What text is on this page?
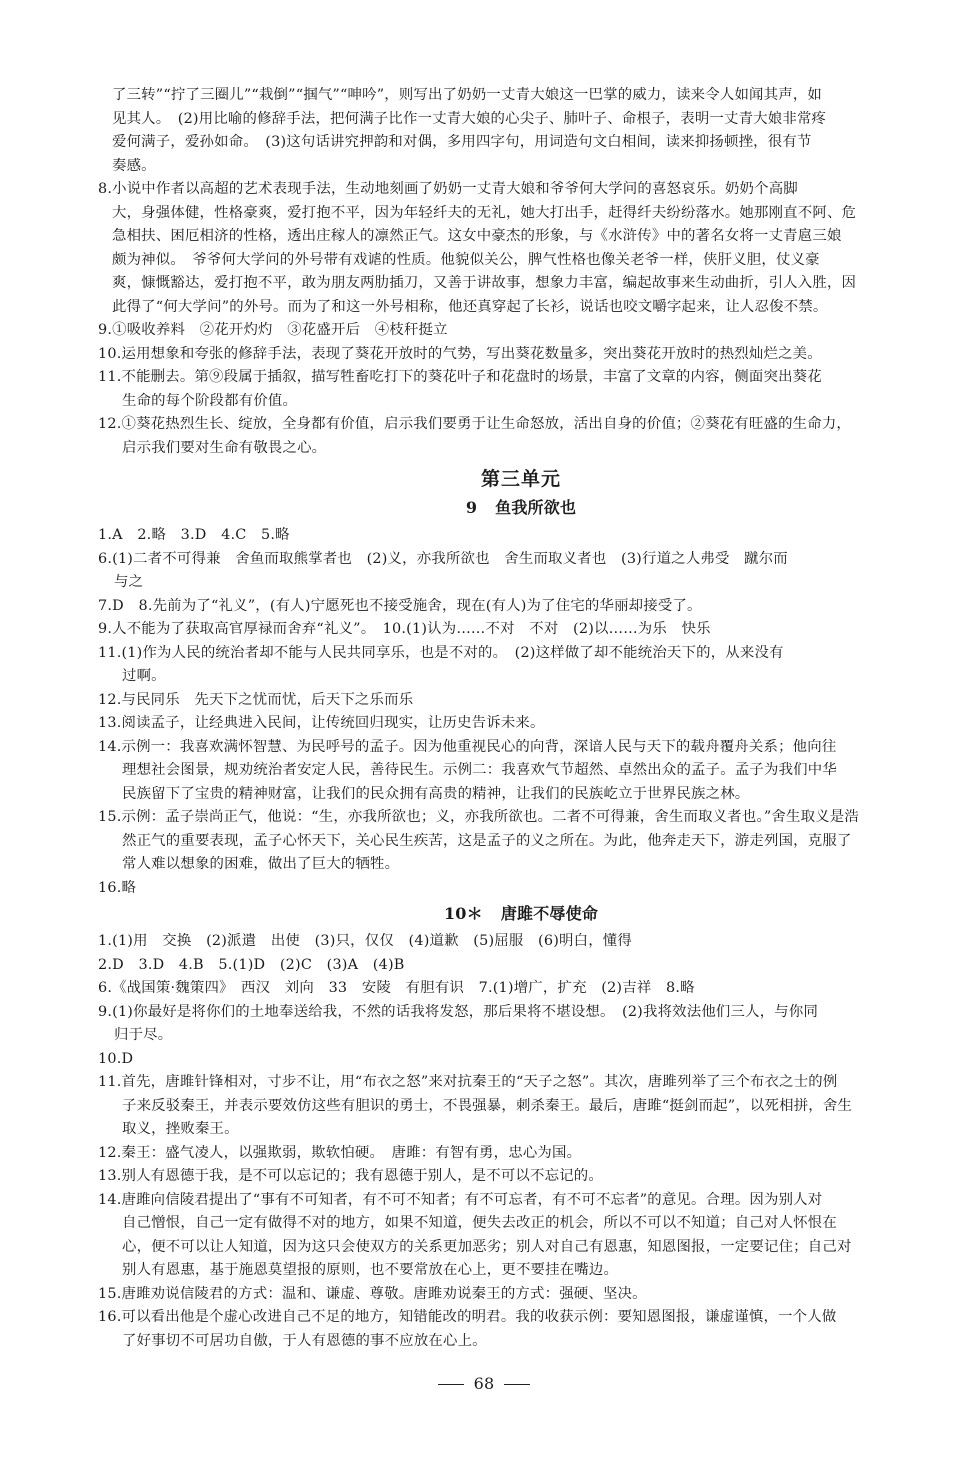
了三转”“拧了三圈儿”“栽倒”“掴气”“呻吟”，则写出了奶奶一丈青大娘这一巴掌的威力，读来令人如闻其声，如

见其人。　(2)用比喻的修辞手法，把何满子比作一丈青大娘的心尖子、肺叶子、命根子，表明一丈青大娘非常疼

爱何满子，爱孙如命。　(3)这句话讲究押韵和对偶，多用四字句，用词造句文白相间，读来抑扬顿挫，很有节

奏感。

8.小说中作者以高超的艺术表现手法，生动地刻画了奶奶一丈青大娘和爷爷何大学问的喜怒哀乐。奶奶个高脚

大，身强体健，性格豪爽，爱打抱不平，因为年轻纤夫的无礼，她大打出手，赶得纤夫纷纷落水。她那刚直不阿、危

急相扶、困厄相济的性格，透出庄稼人的凛然正气。这女中豪杰的形象，与《水浒传》中的著名女将一丈青扈三娘

颇为神似。　爷爷何大学问的外号带有戏谑的性质。他貌似关公，脾气性格也像关老爷一样，侠肝义胆，仗义豪

爽，慷慨豁达，爱打抱不平，敢为朋友两肋插刀，又善于讲故事，想象力丰富，编起故事来生动曲折，引人入胜，因

此得了“何大学问”的外号。而为了和这一外号相称，他还真穿起了长衫，说话也咬文嚼字起来，让人忍俊不禁。

9.①吸收养料　②花开灼灼　③花盛开后　④枝秆挺立

10.运用想象和夸张的修辞手法，表现了葵花开放时的气势，写出葵花数量多，突出葵花开放时的热烈灿烂之美。

11.不能删去。第⑨段属于插叙，描写牲畜吃打下的葵花叶子和花盘时的场景，丰富了文章的内容，侧面突出葵花

生命的每个阶段都有价值。

12.①葵花热烈生长、绽放，全身都有价值，启示我们要勇于让生命怒放，活出自身的价值；②葵花有旺盛的生命力，

启示我们要对生命有敬畏之心。

第三单元
9 鱼我所欲也

1.A　2.略　3.D　4.C　5.略

6.(1)二者不可得兼　舍鱼而取熊掌者也　(2)义，亦我所欲也　舍生而取义者也　(3)行道之人弗受　蹴尔而

与之

7.D　8.先前为了“礼义”，(有人)宁愿死也不接受施舍，现在(有人)为了住宅的华丽却接受了。

9.人不能为了获取高官厚禄而舍弃“礼义”。　10.(1)认为……不对　不对　(2)以……为乐　快乐

11.(1)作为人民的统治者却不能与人民共同享乐，也是不对的。　(2)这样做了却不能统治天下的，从来没有

过啊。

12.与民同乐　先天下之忧而忧，后天下之乐而乐

13.阅读孟子，让经典进入民间，让传统回归现实，让历史告诉未来。

14.示例一：我喜欢满怀智慧、为民呼号的孟子。因为他重视民心的向背，深谙人民与天下的载舟覆舟关系；他向往

理想社会图景，规劝统治者安定人民，善待民生。示例二：我喜欢气节超然、卓然出众的孟子。孟子为我们中华

民族留下了宝贵的精神财富，让我们的民众拥有高贵的精神，让我们的民族屹立于世界民族之林。

15.示例：孟子崇尚正气，他说：“生，亦我所欲也；义，亦我所欲也。二者不可得兼，舍生而取义者也。”舍生取义是浩

然正气的重要表现，孟子心怀天下，关心民生疾苦，这是孟子的义之所在。为此，他奔走天下，游走列国，克服了

常人难以想象的困难，做出了巨大的牺牲。

16.略

10＊ 唐雎不辱使命

1.(1)用　交换　(2)派遣　出使　(3)只，仅仅　(4)道歉　(5)屈服　(6)明白，懂得

2.D　3.D　4.B　5.(1)D　(2)C　(3)A　(4)B

6.《战国策·魏策四》　西汉　刘向　33　安陵　有胆有识　7.(1)增广，扩充　(2)吉祥　8.略

9.(1)你最好是将你们的土地奉送给我，不然的话我将发怒，那后果将不堪设想。　(2)我将效法他们三人，与你同

归于尽。

10.D

11.首先，唐雎针锋相对，寸步不让，用“布衣之怒”来对抗秦王的“天子之怒”。其次，唐雎列举了三个布衣之士的例

子来反驳秦王，并表示要效仿这些有胆识的勇士，不畏强暴，刺杀秦王。最后，唐雎“挺剑而起”，以死相拼，舍生

取义，挫败秦王。

12.秦王：盛气凌人，以强欺弱，欺软怕硬。　唐雎：有智有勇，忠心为国。

13.别人有恩德于我，是不可以忘记的；我有恩德于别人，是不可以不忘记的。

14.唐雎向信陵君提出了“事有不可知者，有不可不知者；有不可忘者，有不可不忘者”的意见。合理。因为别人对

自己憎恨，自己一定有做得不对的地方，如果不知道，便失去改正的机会，所以不可以不知道；自己对人怀恨在

心，便不可以让人知道，因为这只会使双方的关系更加恶劣；别人对自己有恩惠，知恩图报，一定要记住；自己对

别人有恩惠，基于施恩莫望报的原则，也不要常放在心上，更不要挂在嘴边。

15.唐雎劝说信陵君的方式：温和、谦虚、尊敬。唐雎劝说秦王的方式：强硬、坚决。

16.可以看出他是个虚心改进自己不足的地方，知错能改的明君。我的收获示例：要知恩图报，谦虚谨慎，一个人做

了好事切不可居功自傲，于人有恩德的事不应放在心上。

68
